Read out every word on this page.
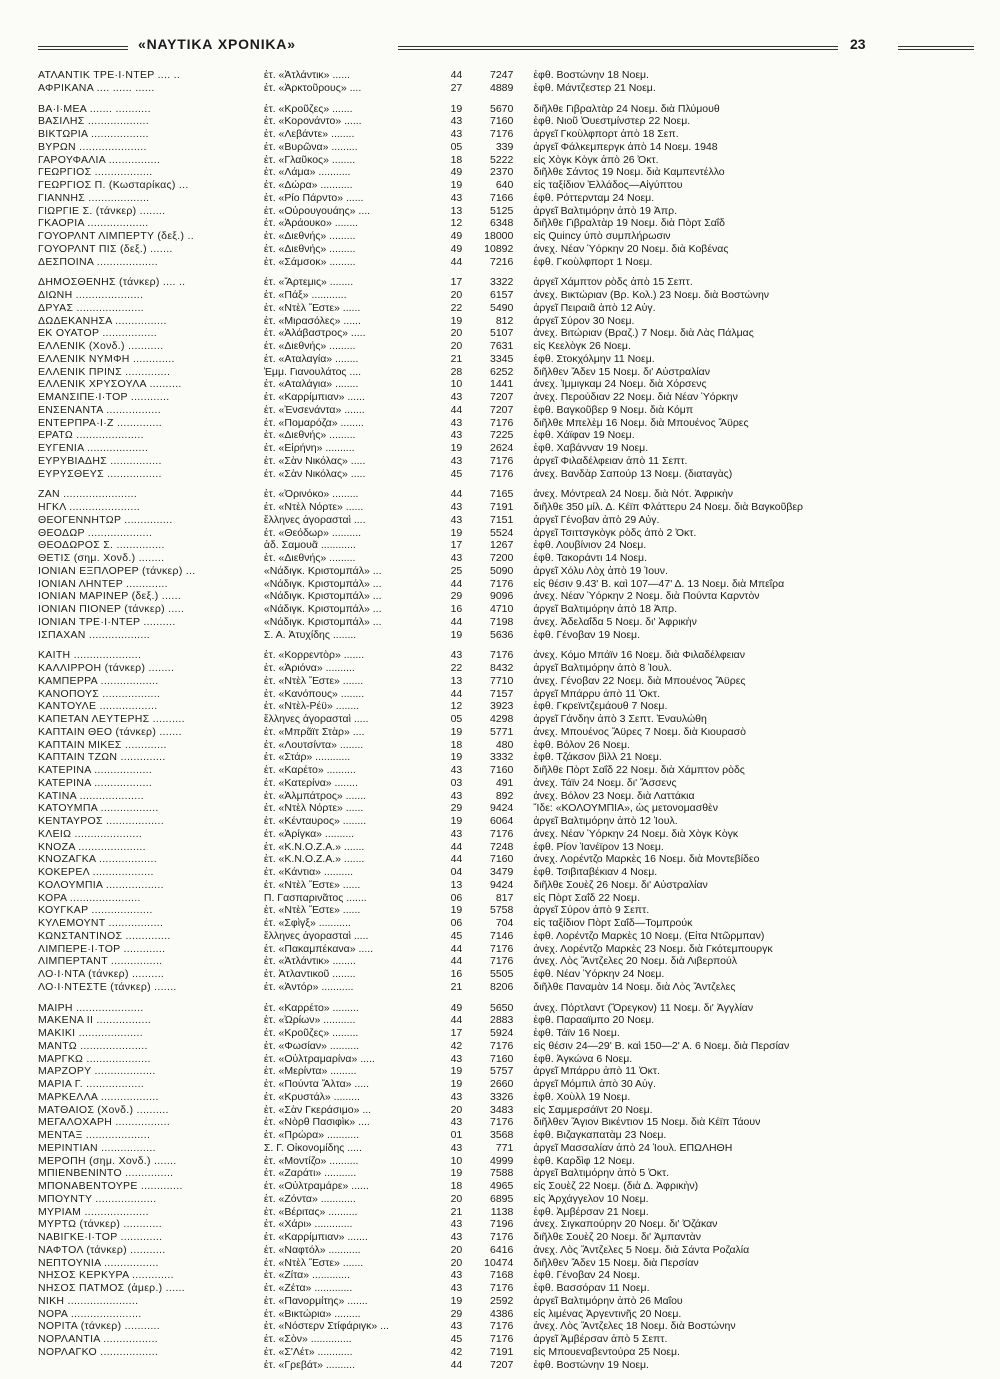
«ΝΑΥΤΙΚΑ ΧΡΟΝΙΚΑ»	23
ΑΤΛΑΝΤΙΚ ΤΡΕ·Ι·ΝΤΕΡ .... ..	ἑτ. «Ἀτλάντικ» ......	44	7247	ἐφθ. Βοστώνην 18 Νοεμ.
ΑΦΡΙΚΑΝΑ .... ...... ......	ἑτ. «Ἀρκτοῦρους» ....	27	4889	ἐφθ. Μάντζεστερ 21 Νοεμ.
ΒΑ·Ι·ΜΕΑ ....... ...........	ἑτ. «Κροῦζες» .......	19	5670	διῆλθε Γιβραλτὰρ 24 Νοεμ. διὰ Πλύμουθ
ΒΑΣΙΛΗΣ ...................	ἑτ. «Κορονάντο» ......	43	7160	ἐφθ. Νιοῦ Ὀυεστμίνστερ 22 Νοεμ.
ΒΙΚΤΩΡΙΑ ..................	ἑτ. «Λεβάντε» ........	43	7176	ἀργεῖ Γκοὺλφπορτ ἀπὸ 18 Σεπ.
ΒΥΡΩΝ .....................	ἑτ. «Βυρῶνα» .........	05	339	ἀργεῖ Φάλκεμπεργκ ἀπὸ 14 Νοεμ. 1948
ΓΑΡΟΥΦΑΛΙΑ ................	ἑτ. «Γλαῦκος» ........	18	5222	εἰς Χὸγκ Κὸγκ ἀπὸ 26 Ὀκτ.
ΓΕΩΡΓΙΟΣ ..................	ἑτ. «Λάμα» ...........	49	2370	διῆλθε Σάντος 19 Νοεμ. διὰ Καμπεντέλλο
ΓΕΩΡΓΙΟΣ Π. (Κωσταρίκας) ...	ἑτ. «Δώρα» ...........	19	640	εἰς ταξίδιον Ἑλλάδος—Αἰγύπτου
ΓΙΑΝΝΗΣ ...................	ἑτ. «Ρίο Πάρντο» ......	43	7166	ἐφθ. Ρόττερνταμ 24 Νοεμ.
ΓΙΩΡΓΙΕ Σ. (τάνκερ) ........	ἑτ. «Οὐρουγουάης» ....	13	5125	ἀργεῖ Βαλτιμόρην ἀπὸ 19 Ἀπρ.
ΓΚΑΟΡΙΑ ...................	ἑτ. «Ἀράουκο» ........	12	6348	διῆλθε Γιβραλτὰρ 19 Νοεμ. διὰ Πὸρτ Σαΐδ
ΓΟΥΟΡΛΝΤ ΛΙΜΠΕΡΤΥ (δεξ.) ..	ἑτ. «Διεθνής» .........	49	18000	εἰς Quincy ὑπὸ συμπλήρωσιν
ΓΟΥΟΡΛΝΤ ΠΙΣ (δεξ.) .......	ἑτ. «Διεθνής» .........	49	10892	ἀνεχ. Νέαν Ὑόρκην 20 Νοεμ. διὰ Κοβένας
ΔΕΣΠΟΙΝΑ ...................	ἑτ. «Σάμσοκ» .........	44	7216	ἐφθ. Γκοὺλφπορτ 1 Νοεμ.
ΔΗΜΟΣΘΕΝΗΣ (τάνκερ) .... ..	ἑτ. «Ἄρτεμις» ........	17	3322	ἀργεῖ Χάμπτον ρὸδς ἀπὸ 15 Σεπτ.
ΔΙΩΝΗ .....................	ἑτ. «Πάξ» ............	20	6157	ἀνεχ. Βικτώριαν (Βρ. Κολ.) 23 Νοεμ. διὰ Βοστώνην
ΔΡΥΑΣ .....................	ἑτ. «Ντὲλ Ἔστε» ......	22	5490	ἀργεῖ Πειραιᾶ ἀπὸ 12 Αὐγ.
ΔΩΔΕΚΑΝΗΣΑ ................	ἑτ. «Μιρασόλες» ......	19	812	ἀργεῖ Σύρον 30 Νοεμ.
ΕΚ ΟΥΑΤΟΡ .................	ἑτ. «Ἀλάβαστρος» .....	20	5107	ἀνεχ. Βιτώριαν (Βραζ.) 7 Νοεμ. διὰ Λὰς Πάλμας
ΕΛΛΕΝΙΚ (Χονδ.) ...........	ἑτ. «Διεθνής» .........	20	7631	εἰς Κεελὸγκ 26 Νοεμ.
ΕΛΛΕΝΙΚ ΝΥΜΦΗ .............	ἑτ. «Αταλαγία» ........	21	3345	ἐφθ. Στοκχόλμην 11 Νοεμ.
ΕΛΛΕΝΙΚ ΠΡΙΝΣ ..............	Ἐμμ. Γιανουλάτος ....	28	6252	διῆλθεν Ἄδεν 15 Νοεμ. δι' Αὐστραλίαν
ΕΛΛΕΝΙΚ ΧΡΥΣΟΥΛΑ ..........	ἑτ. «Αταλάγια» ........	10	1441	ἀνεχ. Ἰμμιγκαμ 24 Νοεμ. διὰ Χόρσενς
ΕΜΑΝΣΙΠΕ·Ι·ΤΟΡ ............	ἑτ. «Καρρίμπιαν» ......	43	7207	ἀνεχ. Περούδιαν 22 Νοεμ. διὰ Νέαν Ὑόρκην
ΕΝΣΕΝΑΝΤΑ .................	ἑτ. «Ἐνσενάντα» .......	44	7207	ἐφθ. Βαγκοῦβερ 9 Νοεμ. διὰ Κόμπ
ΕΝΤΕΡΠΡΑ·Ι·Ζ ..............	ἑτ. «Πομαρόζα» ........	43	7176	διῆλθε Μπελὲμ 16 Νοεμ. διὰ Μπουένος Ἄϋρες
ΕΡΑΤΩ .....................	ἑτ. «Διεθνής» .........	43	7225	ἐφθ. Χάϊφαν 19 Νοεμ.
ΕΥΓΕΝΙΑ ...................	ἑτ. «Εἰρήνη» ..........	19	2624	ἐφθ. Χαβάνναν 19 Νοεμ.
ΕΥΡΥΒΙΑΔΗΣ ................	ἑτ. «Σὰν Νικόλας» .....	43	7176	ἀργεῖ Φιλαδέλφειαν ἀπὸ 11 Σεπτ.
ΕΥΡΥΣΘΕΥΣ .................	ἑτ. «Σὰν Νικόλας» .....	45	7176	ἀνεχ. Βανδὰρ Σαπούρ 13 Νοεμ. (διαταγὰς)
ΖΑΝ .......................	ἑτ. «Ὀρινόκο» .........	44	7165	ἀνεχ. Μόντρεαλ 24 Νοεμ. διὰ Νότ. Ἀφρικὴν
ΗΓΚΛ ......................	ἑτ. «Ντὲλ Νόρτε» ......	43	7191	διῆλθε 350 μίλ. Δ. Κέϊπ Φλάττερυ 24 Νοεμ. διὰ Βαγκοῦβερ
ΘΕΟΓΕΝΝΗΤΩΡ ...............	ἕλληνες ἀγορασταὶ ....	43	7151	ἀργεῖ Γένοβαν ἀπὸ 29 Αὐγ.
ΘΕΟΔΩΡ ....................	ἑτ. «Θεόδωρ» ..........	19	5524	ἀργεῖ Τσιττσγκὸγκ ρὸδς ἀπὸ 2 Ὀκτ.
ΘΕΟΔΩΡΟΣ Σ. ...............	ἀδ. Σαμουᾶ ............	17	1267	ἐφθ. Λουβίνιον 24 Νοεμ.
ΘΕΤΙΣ (σημ. Χονδ.) ........	ἑτ. «Διεθνής» .........	43	7200	ἐφθ. Τακοράντι 14 Νοεμ.
ΙΟΝΙΑΝ ΕΞΠΛΟΡΕΡ (τάνκερ) ...	«Νάδιγκ. Κριστομπάλ» ...	25	5090	ἀργεῖ Χόλυ Λὸχ ἀπὸ 19 Ἰουν.
ΙΟΝΙΑΝ ΛΗΝΤΕΡ .............	«Νάδιγκ. Κριστομπάλ» ...	44	7176	εἰς θέσιν 9.43' Β. καὶ 107—47' Δ. 13 Νοεμ. διὰ Μπεΐρα
ΙΟΝΙΑΝ ΜΑΡΙΝΕΡ (δεξ.) ......	«Νάδιγκ. Κριστομπάλ» ...	29	9096	ἀνεχ. Νέαν Ὑόρκην 2 Νοεμ. διὰ Πούντα Καρντὸν
ΙΟΝΙΑΝ ΠΙΟΝΕΡ (τάνκερ) .....	«Νάδιγκ. Κριστομπάλ» ...	16	4710	ἀργεῖ Βαλτιμόρην ἀπὸ 18 Ἀπρ.
ΙΟΝΙΑΝ ΤΡΕ·Ι·ΝΤΕΡ ..........	«Νάδιγκ. Κριστομπάλ» ...	44	7198	ἀνεχ. Ἀδελαΐδα 5 Νοεμ. δι' Ἀφρικὴν
ΙΣΠΑΧΑΝ ...................	Σ. Α. Ἀτυχίδης ........	19	5636	ἐφθ. Γένοβαν 19 Νοεμ.
ΚΑΙΤΗ .....................	ἑτ. «Κορρεντὸρ» .......	43	7176	ἀνεχ. Κόμο Μπάϊν 16 Νοεμ. διὰ Φιλαδέλφειαν
ΚΑΛΛΙΡΡΟΗ (τάνκερ) ........	ἑτ. «Ἀριόνα» ..........	22	8432	ἀργεῖ Βαλτιμόρην ἀπὸ 8 Ἰουλ.
ΚΑΜΠΕΡΡΑ ..................	ἑτ. «Ντὲλ Ἔστε» .......	13	7710	ἀνεχ. Γένοβαν 22 Νοεμ. διὰ Μπουένος Ἄϋρες
ΚΑΝΟΠΟΥΣ ..................	ἑτ. «Κανόπους» ........	44	7157	ἀργεῖ Μπάρρυ ἀπὸ 11 Ὀκτ.
ΚΑΝΤΟΥΛΕ ..................	ἑτ. «Ντὲλ-Ρέϋ» ........	12	3923	ἐφθ. Γκρεϊντζεμάουθ 7 Νοεμ.
ΚΑΠΕΤΑΝ ΛΕΥΤΕΡΗΣ ..........	ἕλληνες ἀγορασταὶ .....	05	4298	ἀργεῖ Γάνδην ἀπὸ 3 Σεπτ. Ἐναυλώθη
ΚΑΠΤΑΙΝ ΘΕΟ (τάνκερ) .......	ἑτ. «Μπρᾶϊτ Στὰρ» ....	19	5771	ἀνεχ. Μπουένος Ἄϋρες 7 Νοεμ. διὰ Κιουρασὸ
ΚΑΠΤΑΙΝ ΜΙΚΕΣ .............	ἑτ. «Λουτσίντα» ........	18	480	ἐφθ. Βόλον 26 Νοεμ.
ΚΑΠΤΑΙΝ ΤΖΩΝ ..............	ἑτ. «Στάρ» ............	19	3332	ἐφθ. Τζάκσον βὶλλ 21 Νοεμ.
ΚΑΤΕΡΙΝΑ ..................	ἑτ. «Καρέτο» ..........	43	7160	διῆλθε Πὸρτ Σαΐδ 22 Νοεμ. διὰ Χάμπτον ρὸδς
ΚΑΤΕΡΙΝΑ ..................	ἑτ. «Κατερίνα» ........	03	491	ἀνεχ. Τάϊν 24 Νοεμ. δι' Ἄσσενς
ΚΑΤΙΝΑ ....................	ἑτ. «Ἀλμπάτρος» .......	43	892	ἀνεχ. Βόλον 23 Νοεμ. διὰ Λαττάκια
ΚΑΤΟΥΜΠΑ ..................	ἑτ. «Ντὲλ Νόρτε» ......	29	9424	Ἴδε: «ΚΟΛΟΥΜΠΙΑ», ὡς μετονομασθὲν
ΚΕΝΤΑΥΡΟΣ ..................	ἑτ. «Κένταυρος» ........	19	6064	ἀργεῖ Βαλτιμόρην ἀπὸ 12 Ἰουλ.
ΚΛΕΙΩ .....................	ἑτ. «Ἀρίγκα» ..........	43	7176	ἀνεχ. Νέαν Ὑόρκην 24 Νοεμ. διὰ Χὸγκ Κὸγκ
ΚΝΟΖΑ .....................	ἑτ. «Κ.Ν.Ο.Ζ.Α.» .......	44	7248	ἐφθ. Ρίον Ἰανέϊρον 13 Νοεμ.
ΚΝΟΖΑΓΚΑ ..................	ἑτ. «Κ.Ν.Ο.Ζ.Α.» .......	44	7160	ἀνεχ. Λορέντζο Μαρκὲς 16 Νοεμ. διὰ Μοντεβίδεο
ΚΟΚΕΡΕΛ ...................	ἑτ. «Κάντια» ..........	04	3479	ἐφθ. Τσιβιταβέκιαν 4 Νοεμ.
ΚΟΛΟΥΜΠΙΑ ..................	ἑτ. «Ντὲλ Ἔστε» ......	13	9424	διῆλθε Σουὲζ 26 Νοεμ. δι' Αὐστραλίαν
ΚΟΡΑ ......................	Π. Γασπαρινᾶτος .......	06	817	εἰς Πὸρτ Σαΐδ 22 Νοεμ.
ΚΟΥΓΚΑΡ ...................	ἑτ. «Ντὲλ Ἔστε» ......	19	5758	ἀργεῖ Σύρον ἀπὸ 9 Σεπτ.
ΚΥΛΕΜΟΥΝΤ .................	ἑτ. «Σφὶγξ» ...........	06	704	εἰς ταξίδιον Πὸρτ Σαΐδ—Τομπρούκ
ΚΩΝΣΤΑΝΤΙΝΟΣ ..............	ἕλληνες ἀγορασταὶ .....	45	7146	ἐφθ. Λορέντζο Μαρκὲς 10 Νοεμ. (Εἰτα Ντῶρμπαν)
ΛΙΜΠΕΡΕ·Ι·ΤΟΡ .............	ἑτ. «Πακαμπέκανα» .....	44	7176	ἀνεχ. Λορέντζο Μαρκὲς 23 Νοεμ. διὰ Γκότεμπουργκ
ΛΙΜΠΕΡΤΑΝΤ ................	ἑτ. «Ἀτλάντικ» ........	44	7176	ἀνεχ. Λὸς Ἄντζελες 20 Νοεμ. διὰ Λιβερπούλ
ΛΟ·Ι·ΝΤΑ (τάνκερ) ..........	ἑτ. Ἀτλαντικοῦ ........	16	5505	ἐφθ. Νέαν Ὑόρκην 24 Νοεμ.
ΛΟ·Ι·ΝΤΕΣΤΕ (τάνκερ) .......	ἑτ. «Ἀντόρ» ...........	21	8206	διῆλθε Παναμὰν 14 Νοεμ. διὰ Λὸς Ἄντζελες
ΜΑΙΡΗ .....................	ἑτ. «Καρρέτο» .........	49	5650	ἀνεχ. Πόρτλαντ (Ὄρεγκον) 11 Νοεμ. δι' Ἀγγλίαν
ΜΑΚΕΝΑ II .................	ἑτ. «Ὠρίων» ...........	44	2883	ἐφθ. Παρααϊμπο 20 Νοεμ.
ΜΑΚΙΚΙ ....................	ἑτ. «Κροῦζες» .........	17	5924	ἐφθ. Τάϊν 16 Νοεμ.
ΜΑΝΤΩ .....................	ἑτ. «Φωσίαν» ..........	42	7176	εἰς θέσιν 24—29' Β. καὶ 150—2' Α. 6 Νοεμ. διὰ Περσίαν
ΜΑΡΓΚΩ ....................	ἑτ. «Οὐλτραμαρίνα» .....	43	7160	ἐφθ. Ἀγκώνα 6 Νοεμ.
ΜΑΡΖΟΡΥ ...................	ἑτ. «Μερίντα» .........	19	5757	ἀργεῖ Μπάρρυ ἀπὸ 11 Ὀκτ.
ΜΑΡΙΑ Γ. ..................	ἑτ. «Πούντα Ἄλτα» .....	19	2660	ἀργεῖ Μόμπιλ ἀπὸ 30 Αὐγ.
ΜΑΡΚΕΛΛΑ ..................	ἑτ. «Κρυστάλ» .........	43	3326	ἐφθ. Χοὺλλ 19 Νοεμ.
ΜΑΤΘΑΙΟΣ (Χονδ.) ..........	ἑτ. «Σὰν Γκεράσιμο» ...	20	3483	εἰς Σαμμερσάϊντ 20 Νοεμ.
ΜΕΓΑΛΟΧΑΡΗ .................	ἑτ. «Νὸρθ Πασιφὶκ» ....	43	7176	διῆλθεν Ἅγιον Βικέντιον 15 Νοεμ. διὰ Κέϊπ Τάουν
ΜΕΝΤΑΞ ....................	ἑτ. «Πρώρα» ...........	01	3568	ἐφθ. Βιζαγκαπατὰμ 23 Νοεμ.
ΜΕΡΙΝΤΙΑΝ .................	Σ. Γ. Οἰκονομίδης .....	43	771	ἀργεῖ Μασσαλίαν ἀπὸ 24 Ἰουλ. ΕΠΩΛΗΘΗ
ΜΕΡΟΠΗ (σημ. Χονδ.) .......	ἑτ. «Μοντίζο» ..........	10	4999	ἐφθ. Καρδὶφ 12 Νοεμ.
ΜΠΙΕΝΒΕΝΙΝΤΟ ...............	ἑτ. «Ζαράτι» ...........	19	7588	ἀργεῖ Βαλτιμόρην ἀπὸ 5 Ὀκτ.
ΜΠΟΝΑΒΕΝΤΟΥΡΕ .............	ἑτ. «Οὐλτραμάρε» ......	18	4965	εἰς Σουὲζ 22 Νοεμ. (διὰ Δ. Ἀφρικὴν)
ΜΠΟΥΝΤΥ ...................	ἑτ. «Ζόντα» ............	20	6895	εἰς Ἀρχάγγελον 10 Νοεμ.
ΜΥΡΙΑΜ ....................	ἑτ. «Βέριτας» ..........	21	1138	ἐφθ. Ἀμβέρσαν 21 Νοεμ.
ΜΥΡΤΩ (τάνκερ) ............	ἑτ. «Χάρι» .............	43	7196	ἀνεχ. Σιγκαπούρην 20 Νοεμ. δι' Ὀζάκαν
ΝΑΒΙΓΚΕ·Ι·ΤΟΡ .............	ἑτ. «Καρρίμπιαν» .......	43	7176	διῆλθε Σουὲζ 20 Νοεμ. δι' Ἀμπαντὰν
ΝΑΦΤΟΛ (τάνκερ) ...........	ἑτ. «Ναφτόλ» ...........	20	6416	ἀνεχ. Λὸς Ἄντζελες 5 Νοεμ. διὰ Σάντα Ροζαλία
ΝΕΠΤΟΥΝΙΑ .................	ἑτ. «Ντὲλ Ἔστε» .......	20	10474	διῆλθεν Ἄδεν 15 Νοεμ. διὰ Περσίαν
ΝΗΣΟΣ ΚΕΡΚΥΡΑ .............	ἑτ. «Ζίτα» .............	43	7168	ἐφθ. Γένοβαν 24 Νοεμ.
ΝΗΣΟΣ ΠΑΤΜΟΣ (ἀμερ.) ......	ἑτ. «Ζέτα» .............	43	7176	ἐφθ. Βασσόραν 11 Νοεμ.
ΝΙΚΗ ......................	ἑτ. «Πανορμίτης» .......	19	2592	ἀργεῖ Βαλτιμόρην ἀπὸ 26 Μαΐου
ΝΟΡΑ ......................	ἑτ. «Βικτώρια» .........	29	4386	εἰς λιμένας Ἀργεντινῆς 20 Νοεμ.
ΝΟΡΙΤΑ (τάνκερ) ...........	ἑτ. «Νόστερν Στίφάριγκ» ...	43	7176	ἀνεχ. Λὸς Ἄντζελες 18 Νοεμ. διὰ Βοστώνην
ΝΟΡΛΑΝΤΙΑ .................	ἑτ. «Σὸν» ..............	45	7176	ἀργεῖ Ἀμβέρσαν ἀπὸ 5 Σεπτ.
ΝΟΡΛΑΓΚΟ ..................	ἑτ. «Σ'Λέτ» ............	42	7191	εἰς Μπουεναβεντούρα 25 Νοεμ.
ἑτ. «Γρεβάτ» ..........	44	7207	ἐφθ. Βοστώνην 19 Νοεμ.
